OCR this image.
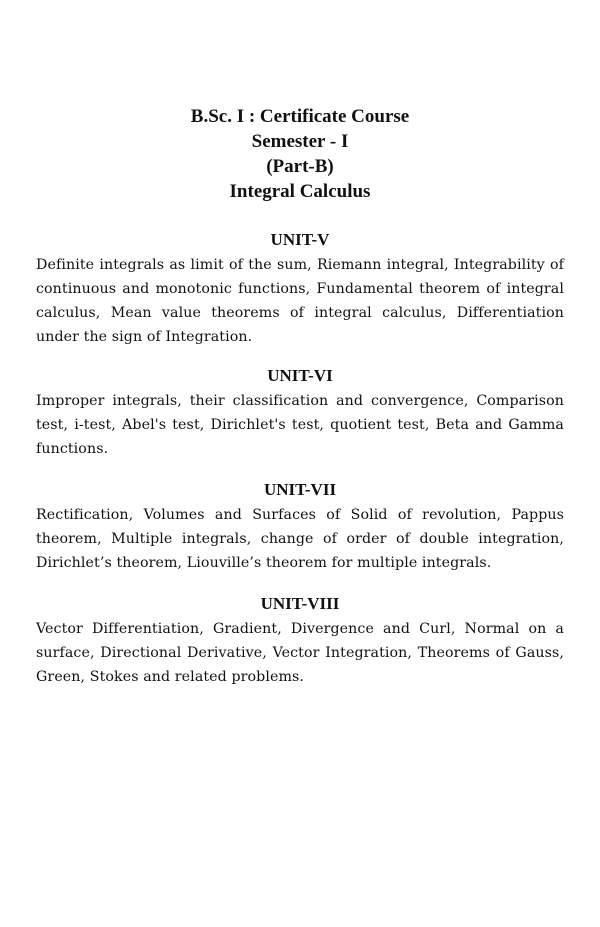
B.Sc. I : Certificate Course
Semester - I
(Part-B)
Integral Calculus
UNIT-V

Definite integrals as limit of the sum, Riemann integral, Integrability of continuous and monotonic functions, Fundamental theorem of integral calculus, Mean value theorems of integral calculus, Differentiation under the sign of Integration.

UNIT-VI

Improper integrals, their classification and convergence, Comparison test, i-test, Abel's test, Dirichlet's test, quotient test, Beta and Gamma functions.

UNIT-VII

Rectification, Volumes and Surfaces of Solid of revolution, Pappus theorem, Multiple integrals, change of order of double integration, Dirichlet’s theorem, Liouville’s theorem for multiple integrals.

UNIT-VIII

Vector Differentiation, Gradient, Divergence and Curl, Normal on a surface, Directional Derivative, Vector Integration, Theorems of Gauss, Green, Stokes and related problems.
